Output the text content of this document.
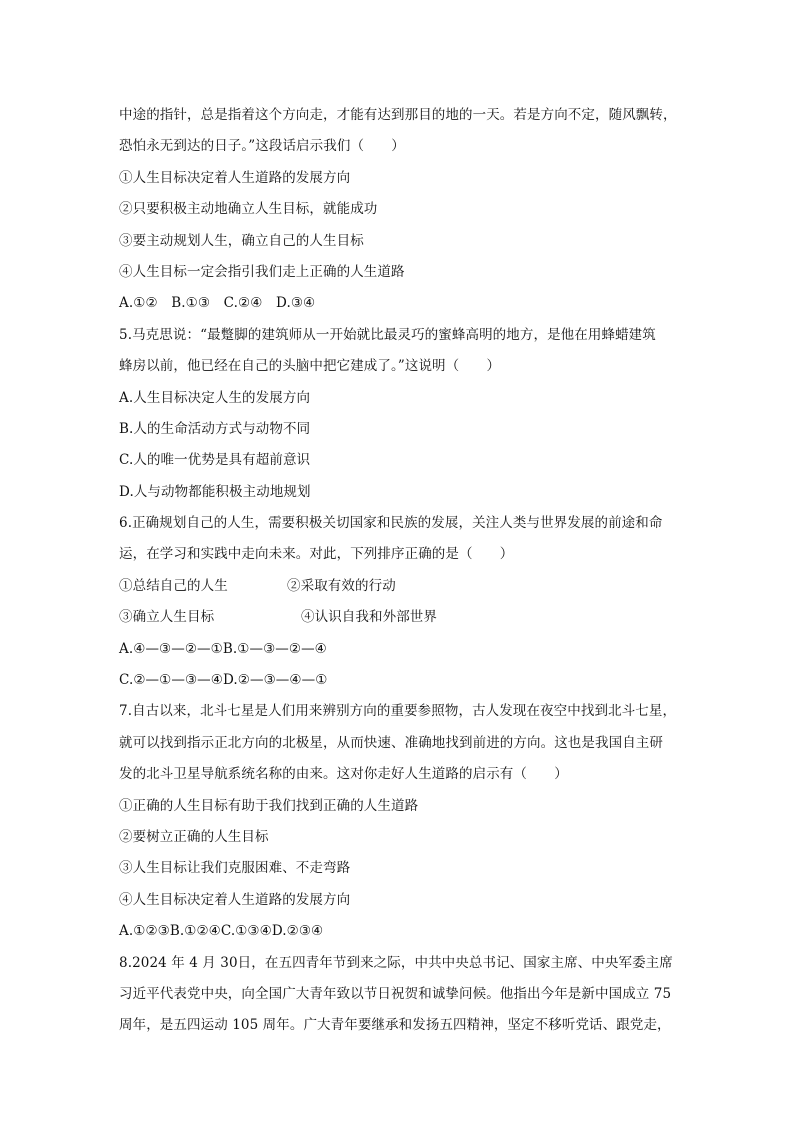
中途的指针，总是指着这个方向走，才能有达到那目的地的一天。若是方向不定，随风飘转，
恐怕永无到达的日子。”这段话启示我们（　　）
①人生目标决定着人生道路的发展方向
②只要积极主动地确立人生目标，就能成功
③要主动规划人生，确立自己的人生目标
④人生目标一定会指引我们走上正确的人生道路
A.①②　B.①③　C.②④　D.③④
5.马克思说：“最蹩脚的建筑师从一开始就比最灵巧的蜜蜂高明的地方，是他在用蜂蜡建筑
蜂房以前，他已经在自己的头脑中把它建成了。”这说明（　　）
A.人生目标决定人生的发展方向
B.人的生命活动方式与动物不同
C.人的唯一优势是具有超前意识
D.人与动物都能积极主动地规划
6.正确规划自己的人生，需要积极关切国家和民族的发展，关注人类与世界发展的前途和命
运，在学习和实践中走向未来。对此，下列排序正确的是（　　）
①总结自己的人生	②采取有效的行动
③确立人生目标	④认识自我和外部世界
A.④—③—②—①B.①—③—②—④
C.②—①—③—④D.②—③—④—①
7.自古以来，北斗七星是人们用来辨别方向的重要参照物，古人发现在夜空中找到北斗七星，
就可以找到指示正北方向的北极星，从而快速、准确地找到前进的方向。这也是我国自主研
发的北斗卫星导航系统名称的由来。这对你走好人生道路的启示有（　　）
①正确的人生目标有助于我们找到正确的人生道路
②要树立正确的人生目标
③人生目标让我们克服困难、不走弯路
④人生目标决定着人生道路的发展方向
A.①②③B.①②④C.①③④D.②③④
8.2024 年 4 月 30日，在五四青年节到来之际，中共中央总书记、国家主席、中央军委主席
习近平代表党中央，向全国广大青年致以节日祝贺和诚挚问候。他指出今年是新中国成立 75
周年，是五四运动 105 周年。广大青年要继承和发扬五四精神，坚定不移听党话、跟党走，
